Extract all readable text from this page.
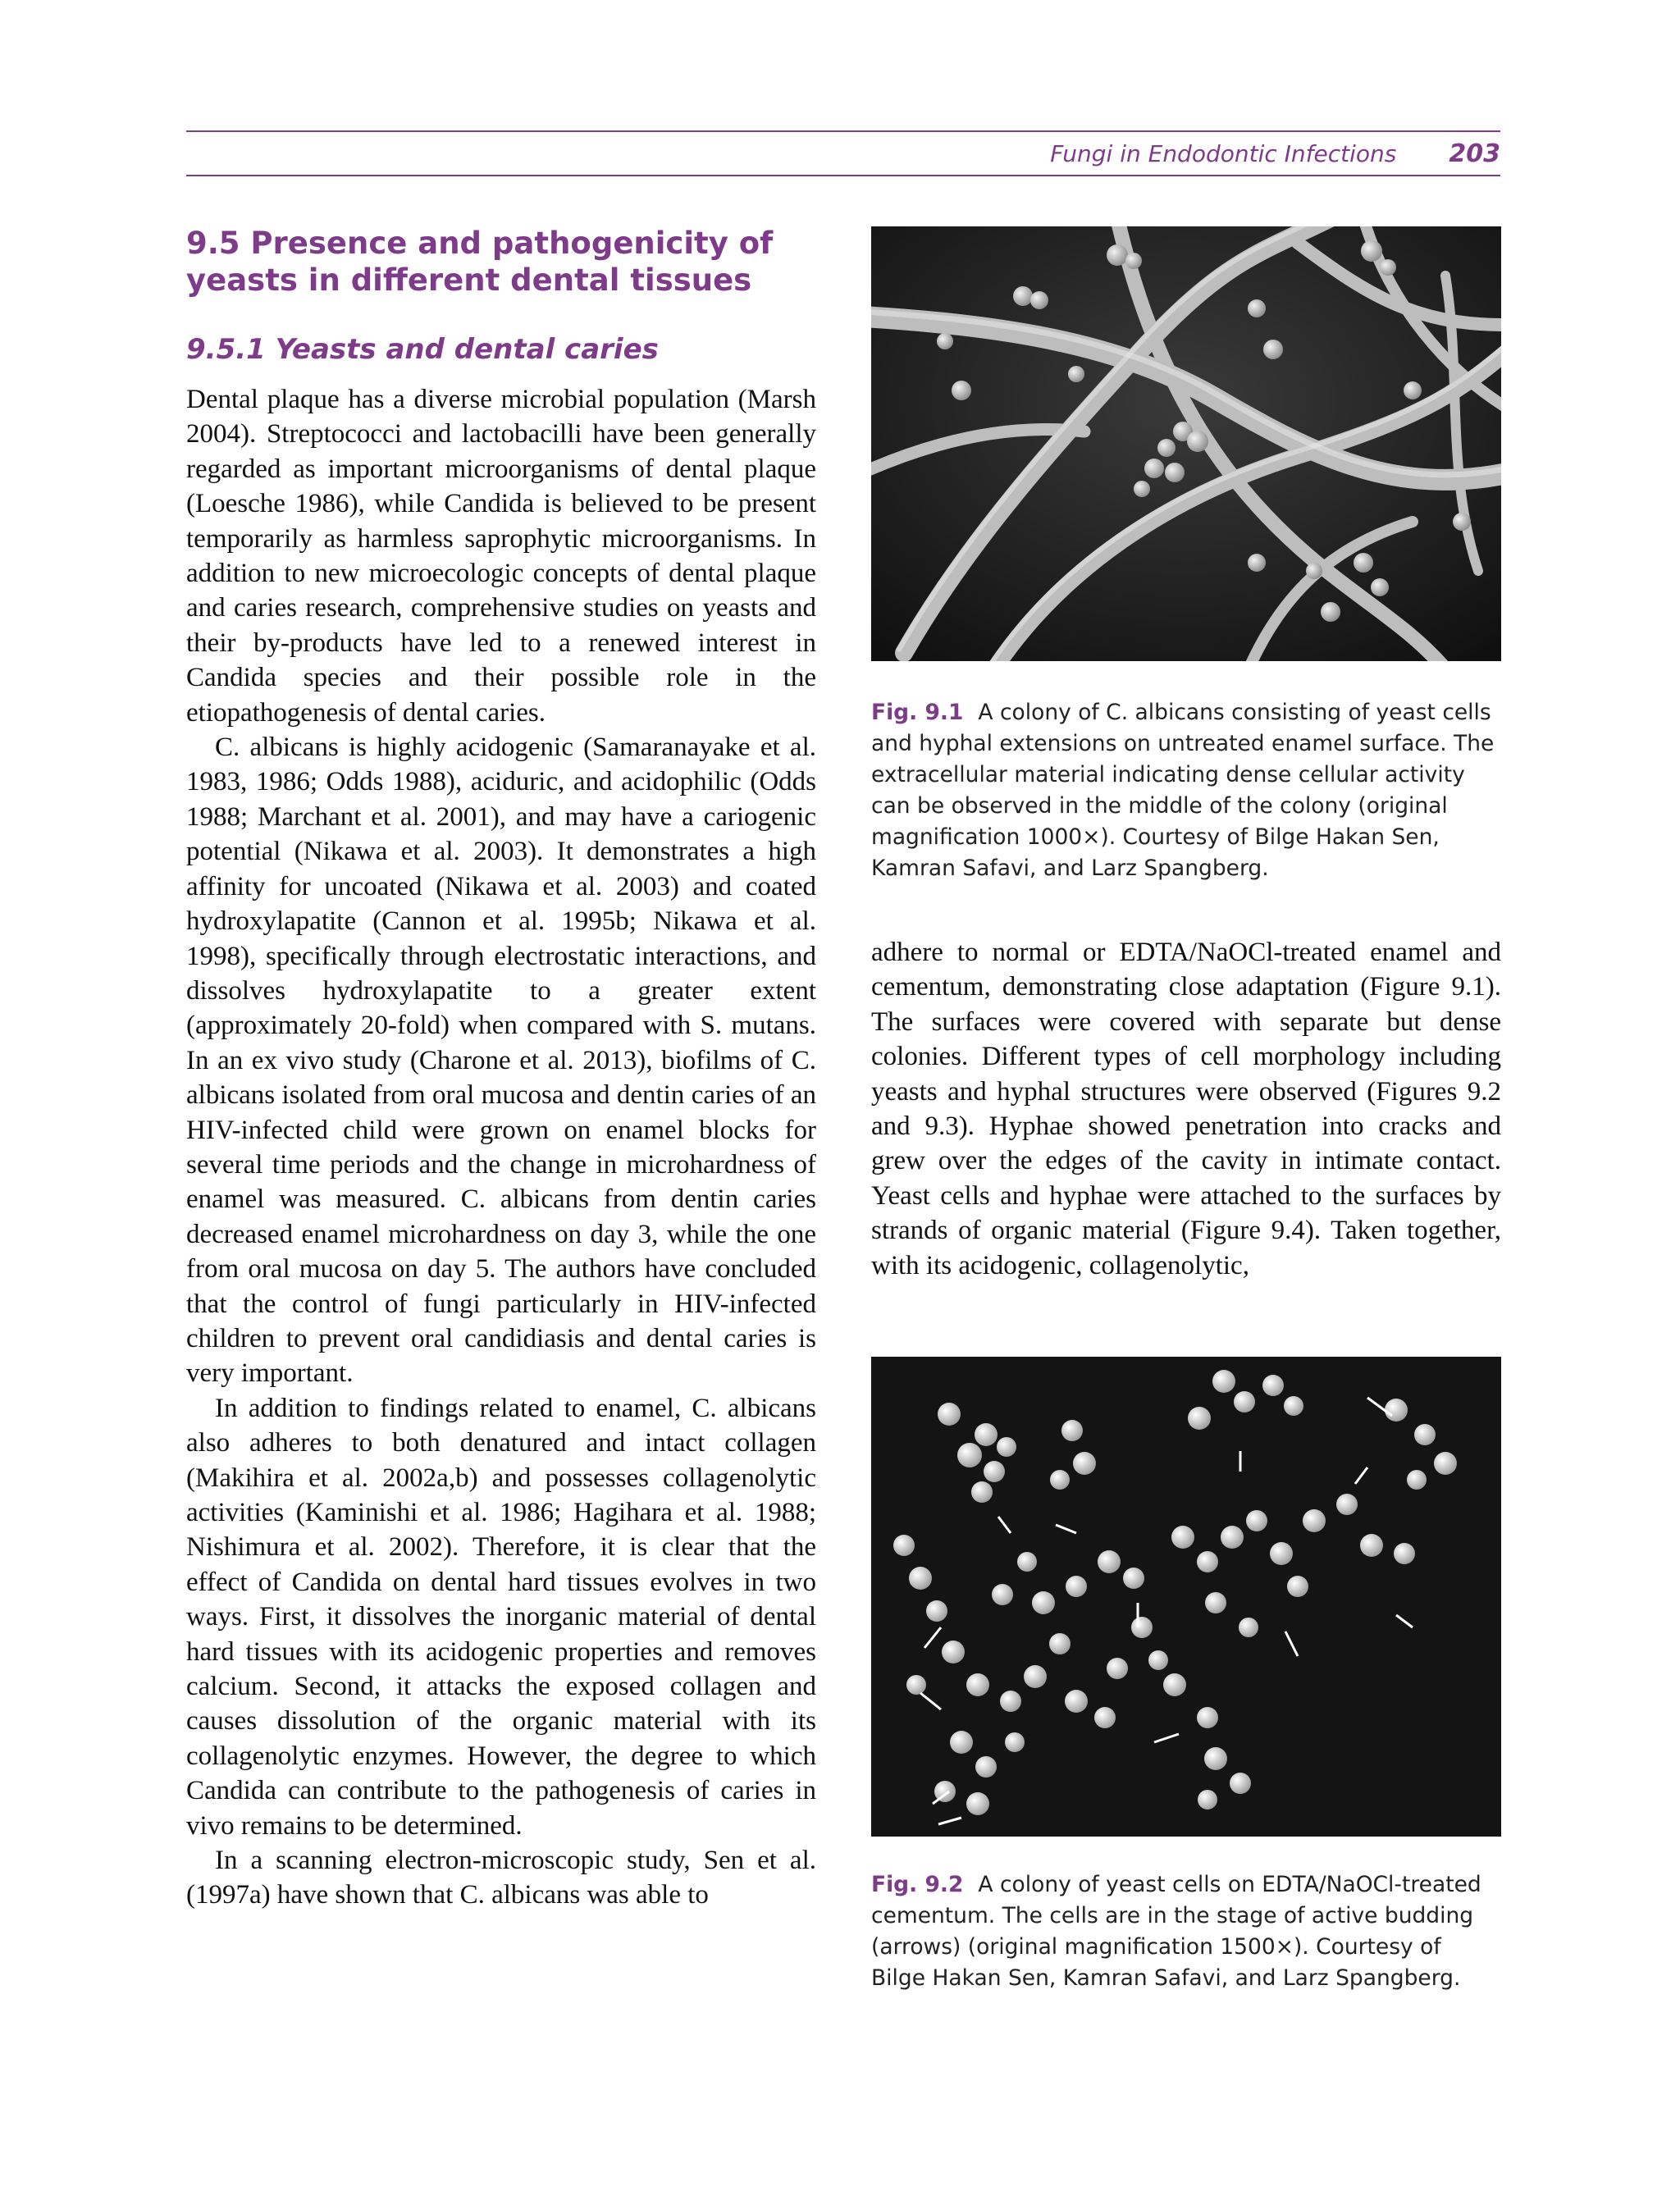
Fungi in Endodontic Infections 203
9.5 Presence and pathogenicity of yeasts in different dental tissues
9.5.1 Yeasts and dental caries

Dental plaque has a diverse microbial population (Marsh 2004). Streptococci and lactobacilli have been generally regarded as important microorganisms of dental plaque (Loesche 1986), while Candida is believed to be present temporarily as harmless saprophytic microorganisms. In addition to new microecologic concepts of dental plaque and caries research, comprehensive studies on yeasts and their by-products have led to a renewed interest in Candida species and their possible role in the etiopathogenesis of dental caries.

C. albicans is highly acidogenic (Samaranayake et al. 1983, 1986; Odds 1988), aciduric, and acidophilic (Odds 1988; Marchant et al. 2001), and may have a cariogenic potential (Nikawa et al. 2003). It demonstrates a high affinity for uncoated (Nikawa et al. 2003) and coated hydroxylapatite (Cannon et al. 1995b; Nikawa et al. 1998), specifically through electrostatic interactions, and dissolves hydroxylapatite to a greater extent (approximately 20-fold) when compared with S. mutans. In an ex vivo study (Charone et al. 2013), biofilms of C. albicans isolated from oral mucosa and dentin caries of an HIV-infected child were grown on enamel blocks for several time periods and the change in microhardness of enamel was measured. C. albicans from dentin caries decreased enamel microhardness on day 3, while the one from oral mucosa on day 5. The authors have concluded that the control of fungi particularly in HIV-infected children to prevent oral candidiasis and dental caries is very important.

In addition to findings related to enamel, C. albicans also adheres to both denatured and intact collagen (Makihira et al. 2002a,b) and possesses collagenolytic activities (Kaminishi et al. 1986; Hagihara et al. 1988; Nishimura et al. 2002). Therefore, it is clear that the effect of Candida on dental hard tissues evolves in two ways. First, it dissolves the inorganic material of dental hard tissues with its acidogenic properties and removes calcium. Second, it attacks the exposed collagen and causes dissolution of the organic material with its collagenolytic enzymes. However, the degree to which Candida can contribute to the pathogenesis of caries in vivo remains to be determined.

In a scanning electron-microscopic study, Sen et al. (1997a) have shown that C. albicans was able to

Fig. 9.1 A colony of C. albicans consisting of yeast cells and hyphal extensions on untreated enamel surface. The extracellular material indicating dense cellular activity can be observed in the middle of the colony (original magnification 1000×). Courtesy of Bilge Hakan Sen, Kamran Safavi, and Larz Spangberg.

adhere to normal or EDTA/NaOCl-treated enamel and cementum, demonstrating close adaptation (Figure 9.1). The surfaces were covered with separate but dense colonies. Different types of cell morphology including yeasts and hyphal structures were observed (Figures 9.2 and 9.3). Hyphae showed penetration into cracks and grew over the edges of the cavity in intimate contact. Yeast cells and hyphae were attached to the surfaces by strands of organic material (Figure 9.4). Taken together, with its acidogenic, collagenolytic,

Fig. 9.2 A colony of yeast cells on EDTA/NaOCl-treated cementum. The cells are in the stage of active budding (arrows) (original magnification 1500×). Courtesy of Bilge Hakan Sen, Kamran Safavi, and Larz Spangberg.
